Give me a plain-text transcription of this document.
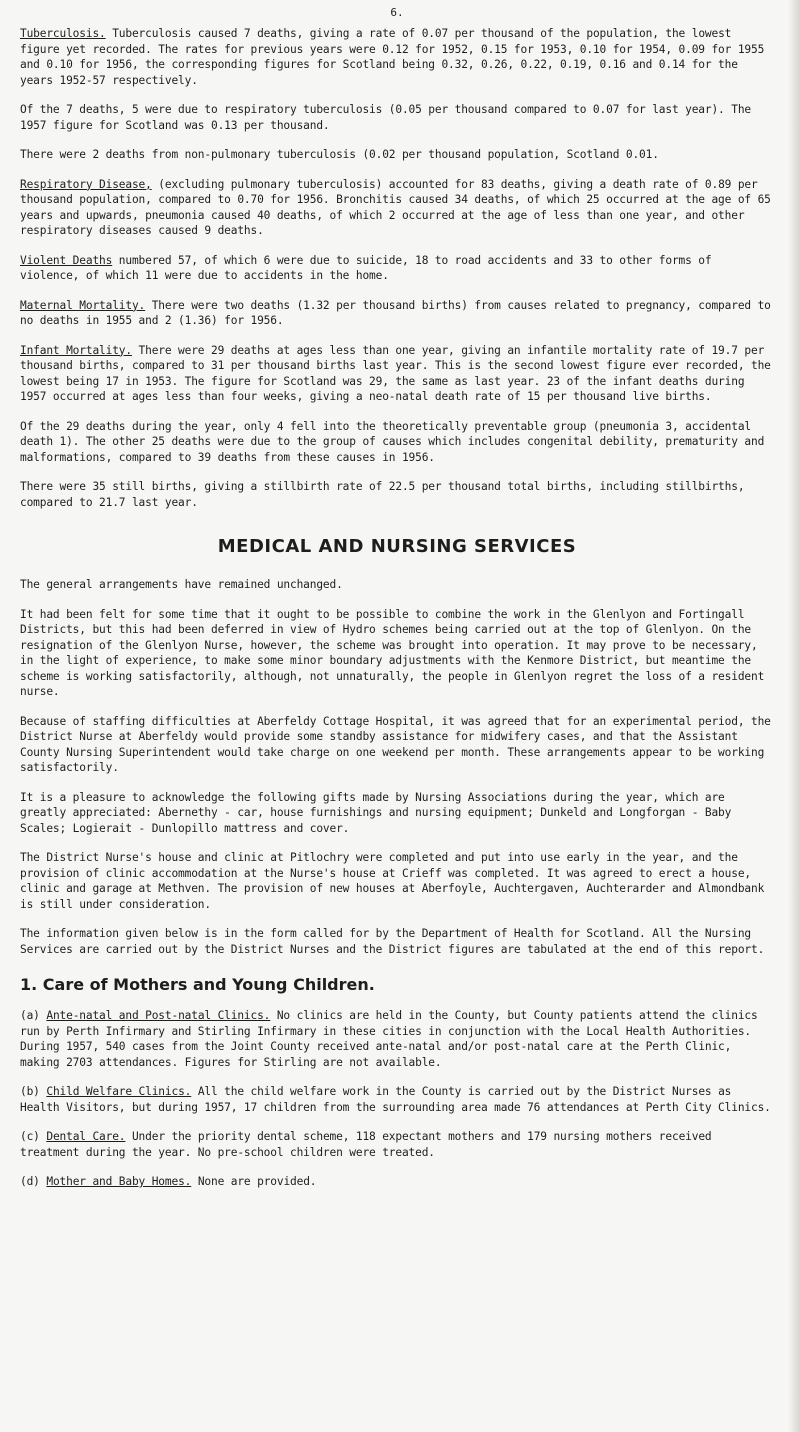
6.

Tuberculosis. Tuberculosis caused 7 deaths, giving a rate of 0.07 per thousand of the population, the lowest figure yet recorded. The rates for previous years were 0.12 for 1952, 0.15 for 1953, 0.10 for 1954, 0.09 for 1955 and 0.10 for 1956, the corresponding figures for Scotland being 0.32, 0.26, 0.22, 0.19, 0.16 and 0.14 for the years 1952-57 respectively.

Of the 7 deaths, 5 were due to respiratory tuberculosis (0.05 per thousand compared to 0.07 for last year). The 1957 figure for Scotland was 0.13 per thousand.

There were 2 deaths from non-pulmonary tuberculosis (0.02 per thousand population, Scotland 0.01.

Respiratory Disease, (excluding pulmonary tuberculosis) accounted for 83 deaths, giving a death rate of 0.89 per thousand population, compared to 0.70 for 1956. Bronchitis caused 34 deaths, of which 25 occurred at the age of 65 years and upwards, pneumonia caused 40 deaths, of which 2 occurred at the age of less than one year, and other respiratory diseases caused 9 deaths.

Violent Deaths numbered 57, of which 6 were due to suicide, 18 to road accidents and 33 to other forms of violence, of which 11 were due to accidents in the home.

Maternal Mortality. There were two deaths (1.32 per thousand births) from causes related to pregnancy, compared to no deaths in 1955 and 2 (1.36) for 1956.

Infant Mortality. There were 29 deaths at ages less than one year, giving an infantile mortality rate of 19.7 per thousand births, compared to 31 per thousand births last year. This is the second lowest figure ever recorded, the lowest being 17 in 1953. The figure for Scotland was 29, the same as last year. 23 of the infant deaths during 1957 occurred at ages less than four weeks, giving a neo-natal death rate of 15 per thousand live births.

Of the 29 deaths during the year, only 4 fell into the theoretically preventable group (pneumonia 3, accidental death 1). The other 25 deaths were due to the group of causes which includes congenital debility, prematurity and malformations, compared to 39 deaths from these causes in 1956.

There were 35 still births, giving a stillbirth rate of 22.5 per thousand total births, including stillbirths, compared to 21.7 last year.

MEDICAL AND NURSING SERVICES

The general arrangements have remained unchanged.

It had been felt for some time that it ought to be possible to combine the work in the Glenlyon and Fortingall Districts, but this had been deferred in view of Hydro schemes being carried out at the top of Glenlyon. On the resignation of the Glenlyon Nurse, however, the scheme was brought into operation. It may prove to be necessary, in the light of experience, to make some minor boundary adjustments with the Kenmore District, but meantime the scheme is working satisfactorily, although, not unnaturally, the people in Glenlyon regret the loss of a resident nurse.

Because of staffing difficulties at Aberfeldy Cottage Hospital, it was agreed that for an experimental period, the District Nurse at Aberfeldy would provide some standby assistance for midwifery cases, and that the Assistant County Nursing Superintendent would take charge on one weekend per month. These arrangements appear to be working satisfactorily.

It is a pleasure to acknowledge the following gifts made by Nursing Associations during the year, which are greatly appreciated: Abernethy - car, house furnishings and nursing equipment; Dunkeld and Longforgan - Baby Scales; Logierait - Dunlopillo mattress and cover.

The District Nurse's house and clinic at Pitlochry were completed and put into use early in the year, and the provision of clinic accommodation at the Nurse's house at Crieff was completed. It was agreed to erect a house, clinic and garage at Methven. The provision of new houses at Aberfoyle, Auchtergaven, Auchterarder and Almondbank is still under consideration.

The information given below is in the form called for by the Department of Health for Scotland. All the Nursing Services are carried out by the District Nurses and the District figures are tabulated at the end of this report.

1. Care of Mothers and Young Children.

(a) Ante-natal and Post-natal Clinics. No clinics are held in the County, but County patients attend the clinics run by Perth Infirmary and Stirling Infirmary in these cities in conjunction with the Local Health Authorities. During 1957, 540 cases from the Joint County received ante-natal and/or post-natal care at the Perth Clinic, making 2703 attendances. Figures for Stirling are not available.

(b) Child Welfare Clinics. All the child welfare work in the County is carried out by the District Nurses as Health Visitors, but during 1957, 17 children from the surrounding area made 76 attendances at Perth City Clinics.

(c) Dental Care. Under the priority dental scheme, 118 expectant mothers and 179 nursing mothers received treatment during the year. No pre-school children were treated.

(d) Mother and Baby Homes. None are provided.
